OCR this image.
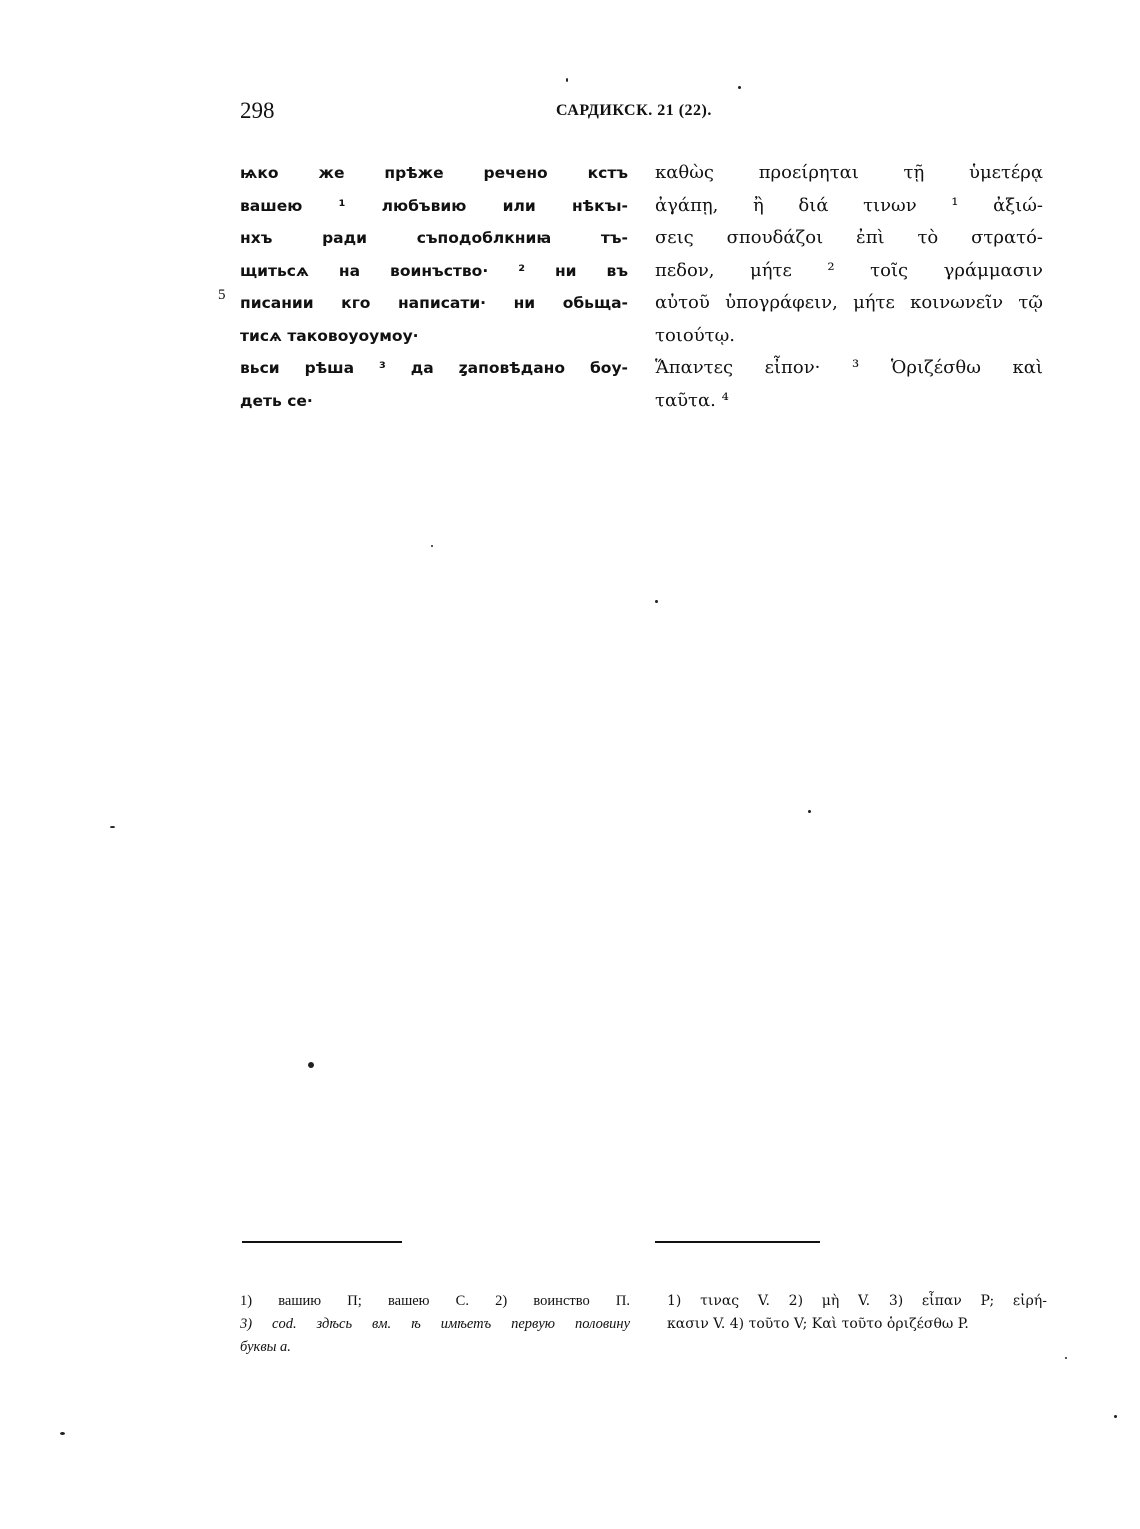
298	САРДИКСК. 21 (22).
5
ѩко же прѣже речено кстъ
вашею ¹ любъвию или нѣкъı-
нхъ ради съподоблкниꙗ тъ-
щитьсѧ на воинъство· ² ни въ
писании кго написати· ни обьща-
тисѧ таковоуоумоу·
вьси рѣша ³ да ȥаповѣдано боу-
деть се·
καθὼς προείρηται τῇ ὑμετέρᾳ
ἀγάπῃ, ἢ διά τινων ¹ ἀξιώ-
σεις σπουδάζοι ἐπὶ τὸ στρατό-
πεδον, μήτε ² τοῖς γράμμασιν
αὐτοῦ ὑπογράφειν, μήτε κοινωνεῖν τῷ
τοιούτῳ.
Ἅπαντες εἶπον· ³ Ὁριζέσθω καὶ
ταῦτα. ⁴
1) вашию П; вашею С. 2) воинство П.
3) cod. здѣсь вм. ѣ имѣетъ первую половину
буквы а.
1) τινας V. 2) μὴ V. 3) εἶπαν P; εἰρή-
κασιν V. 4) τοῦτο V; Καὶ τοῦτο ὁριζέσθω P.
